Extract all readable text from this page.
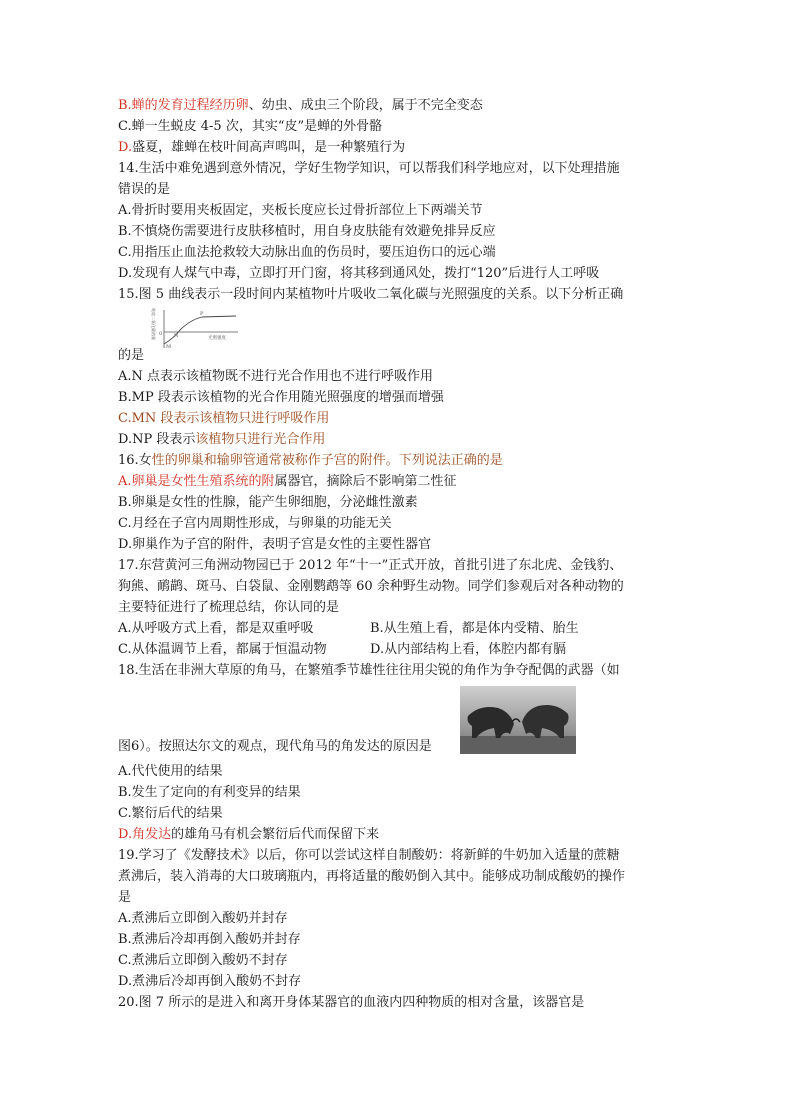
B.蝉的发育过程经历卵、幼虫、成虫三个阶段，属于不完全变态
C.蝉一生蜕皮 4-5 次，其实“皮”是蝉的外骨骼
D.盛夏，雄蝉在枝叶间高声鸣叫，是一种繁殖行为
14.生活中难免遇到意外情况，学好生物学知识，可以帮我们科学地应对，以下处理措施
错误的是
A.骨折时要用夹板固定，夹板长度应长过骨折部位上下两端关节
B.不慎烧伤需要进行皮肤移植时，用自身皮肤能有效避免排异反应
C.用指压止血法抢救较大动脉出血的伤员时，要压迫伤口的远心端
D.发现有人煤气中毒，立即打开门窗，将其移到通风处，拨打“120”后进行人工呼吸
15.图 5 曲线表示一段时间内某植物叶片吸收二氧化碳与光照强度的关系。以下分析正确
吸收二氧化碳的量 0
M
N
P
光照强度
的是
A.N 点表示该植物既不进行光合作用也不进行呼吸作用
B.MP 段表示该植物的光合作用随光照强度的增强而增强
C.MN 段表示该植物只进行呼吸作用
D.NP 段表示该植物只进行光合作用
16.女性的卵巢和输卵管通常被称作子宫的附件。下列说法正确的是
A.卵巢是女性生殖系统的附属器官，摘除后不影响第二性征
B.卵巢是女性的性腺，能产生卵细胞，分泌雌性激素
C.月经在子宫内周期性形成，与卵巢的功能无关
D.卵巢作为子宫的附件，表明子宫是女性的主要性器官
17.东营黄河三角洲动物园已于 2012 年“十一”正式开放，首批引进了东北虎、金钱豹、
狗熊、鸸鹋、斑马、白袋鼠、金刚鹦鹉等 60 余种野生动物。同学们参观后对各种动物的
主要特征进行了梳理总结，你认同的是
A.从呼吸方式上看，都是双重呼吸	B.从生殖上看，都是体内受精、胎生
C.从体温调节上看，都属于恒温动物	D.从内部结构上看，体腔内都有膈
18.生活在非洲大草原的角马，在繁殖季节雄性往往用尖锐的角作为争夺配偶的武器（如
图6）。按照达尔文的观点，现代角马的角发达的原因是
A.代代使用的结果
B.发生了定向的有利变异的结果
C.繁衍后代的结果
D.角发达的雄角马有机会繁衍后代而保留下来
19.学习了《发酵技术》以后，你可以尝试这样自制酸奶：将新鲜的牛奶加入适量的蔗糖
煮沸后，装入消毒的大口玻璃瓶内，再将适量的酸奶倒入其中。能够成功制成酸奶的操作
是
A.煮沸后立即倒入酸奶并封存
B.煮沸后冷却再倒入酸奶并封存
C.煮沸后立即倒入酸奶不封存
D.煮沸后冷却再倒入酸奶不封存
20.图 7 所示的是进入和离开身体某器官的血液内四种物质的相对含量，该器官是
